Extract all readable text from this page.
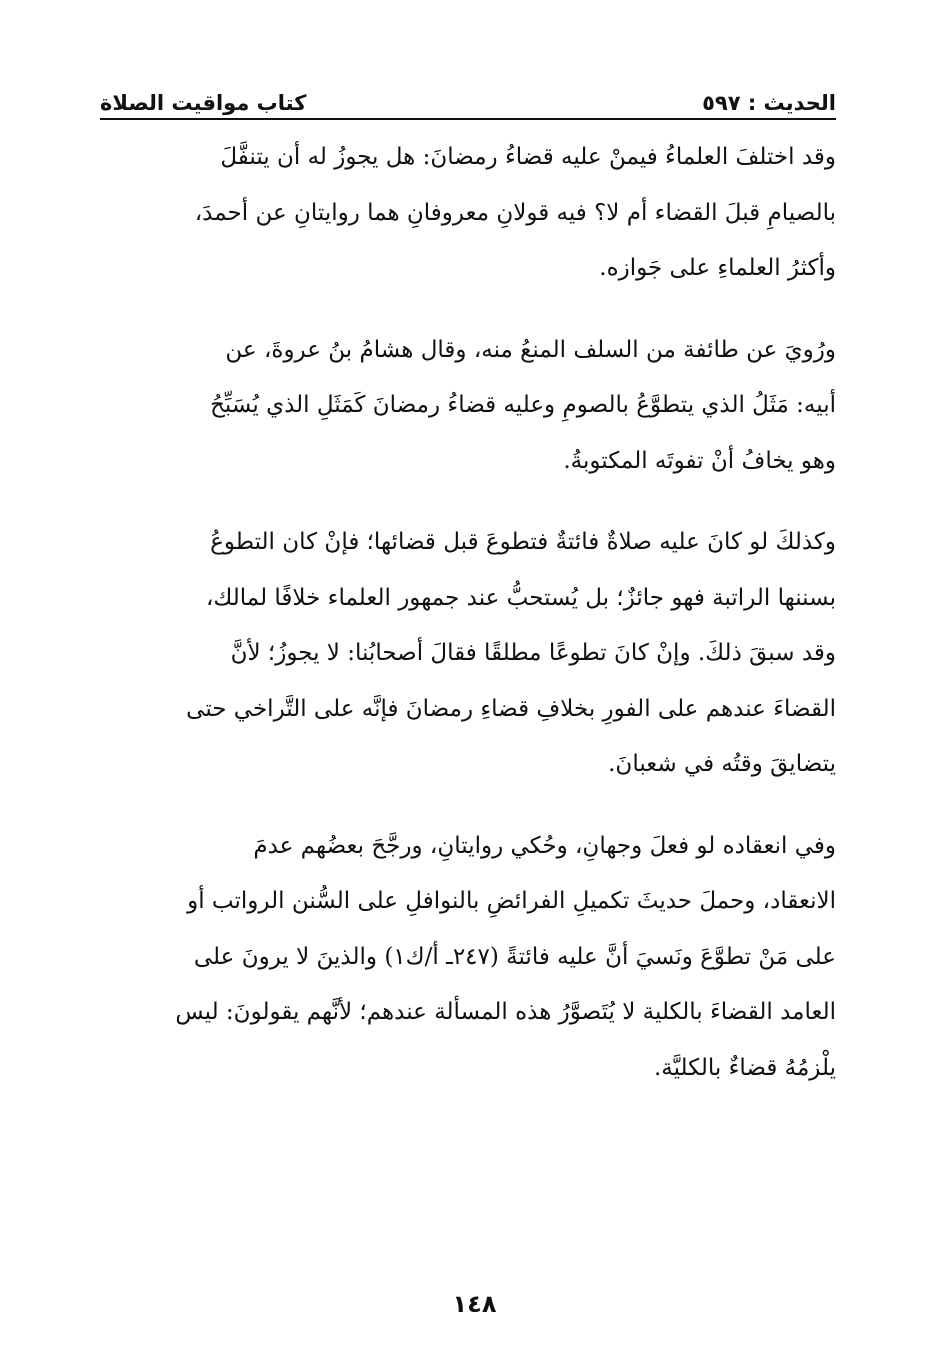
الحديث : ٥٩٧
كتاب مواقيت الصلاة

وقد اختلفَ العلماءُ فيمنْ عليه قضاءُ رمضانَ: هل يجوزُ له أن يتنفَّلَ

بالصيامِ قبلَ القضاء أم لا؟ فيه قولانِ معروفانِ هما روايتانِ عن أحمدَ،

وأكثرُ العلماءِ على جَوازه.

ورُويَ عن طائفة من السلف المنعُ منه، وقال هشامُ بنُ عروةَ، عن

أبيه: مَثَلُ الذي يتطوَّعُ بالصومِ وعليه قضاءُ رمضانَ كَمَثَلِ الذي يُسَبِّحُ

وهو يخافُ أنْ تفوتَه المكتوبةُ.

وكذلكَ لو كانَ عليه صلاةٌ فائتةٌ فتطوعَ قبل قضائها؛ فإنْ كان التطوعُ

بسننها الراتبة فهو جائزٌ؛ بل يُستحبُّ عند جمهور العلماء خلافًا لمالك،

وقد سبقَ ذلكَ. وإنْ كانَ تطوعًا مطلقًا فقالَ أصحابُنا: لا يجوزُ؛ لأنَّ

القضاءَ عندهم على الفورِ بخلافِ قضاءِ رمضانَ فإنَّه على التَّراخي حتى

يتضايقَ وقتُه في شعبانَ.

وفي انعقاده لو فعلَ وجهانِ، وحُكي روايتانِ، ورجَّحَ بعضُهم عدمَ

الانعقاد، وحملَ حديثَ تكميلِ الفرائضِ بالنوافلِ على السُّنن الرواتب أو

على مَنْ تطوَّعَ ونَسيَ أنَّ عليه فائتةً (٢٤٧ـ أ/ك١) والذينَ لا يرونَ على

العامد القضاءَ بالكلية لا يُتَصوَّرُ هذه المسألة عندهم؛ لأنَّهم يقولونَ: ليس

يلْزمُهُ قضاءٌ بالكليَّة.

١٤٨
